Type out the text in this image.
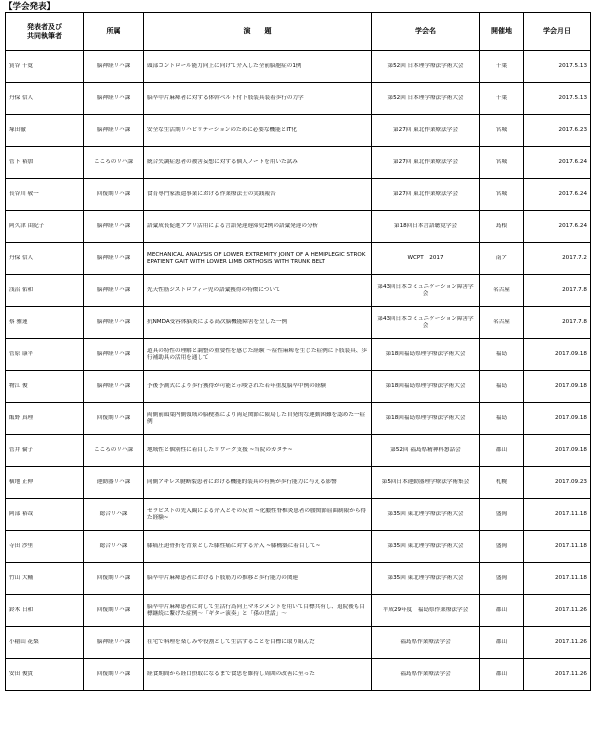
【学会発表】
発表者及び
共同執筆者	所属	演　　題	学会名	開催地	学会月日

賞谷 千寛	脳神経リハ課	頭部コントロール能力向上に向けて介入した全前脳胞症の1例	第52回 日本理学療法学術大会	千葉	2017.5.13

丹保 信人	脳神経リハ課	脳卒中片麻痺者に対する体幹ベルト付下肢装具装着歩行の力学	第52回 日本理学療法学術大会	千葉	2017.5.13

塚田徹	脳神経リハ課	安全な生活期リハビリテーションのために必要な機能とIT化	第27回 東北作業療法学会	宮城	2017.6.23

菅下 裕加	こころのリハ課	統合失調症患者の被害妄想に対する個人ノートを用いた試み	第27回 東北作業療法学会	宮城	2017.6.24

長谷川 敬一	回復期リハ課	食育専門家派遣事業における作業療法士の実践報告	第27回 東北作業療法学会	宮城	2017.6.24

阿久津 由紀子	脳神経リハ課	語彙成長促進アプリ活用による言語発達遅滞児2例の語彙発達の分析	第18回日本言語聴覚学会	島根	2017.6.24

丹保 信人	脳神経リハ課	MECHANICAL ANALYSIS OF LOWER EXTREMITY JOINT OF A HEMIPLEGIC STROKEPATIENT GAIT WITH LOWER LIMB ORTHOSIS WITH TRUNK BELT	WCPT　2017	南ア	2017.7.2

浅沼 佑和	脳神経リハ課	先天性筋ジストロフィー児の語彙獲得の特徴について	第43回日本コミュニケーション障害学会	名古屋	2017.7.8

蔡 雅蓮	脳神経リハ課	抗NMDA受容体脳炎による高次脳機能障害を呈した一例	第43回日本コミュニケーション障害学会	名古屋	2017.7.8

菅原 康平	脳神経リハ課	道具の特性の理解と調整の重要性を感じた経験 ～症性麻痺を生じた症例に下肢装具、歩行補助具の活用を通して	第18回福島県理学療法学術大会	福島	2017.09.18

物江 俊	脳神経リハ課	予後予測式により歩行獲得が可能と示唆された若年重度脳卒中例の経験	第18回福島県理学療法学術大会	福島	2017.09.18

飯野 真理	回復期リハ課	両側前頭葉内側領域の脳梗塞により両足関節に限局した自発的な運動困難を認めた一症例	第18回福島県理学療法学術大会	福島	2017.09.18

菅井 倫子	こころのリハ課	地域性と個別性に着目したリワーク支援 ~当院のカタチ~	第52回 福島県精神科懇話会	郡山	2017.09.18

横地 正伸	運動器リハ課	同側アキレス腱断裂患者における機能的装具の有無が歩行能力に与える影響	第5回日本運動器理学療法学術集会	札幌	2017.09.23

阿部 裕哉	総合リハ課	セラピストの先入観による介入とその反省 ~化膿性脊椎炎患者の腰関節屈曲制限から得た経験~	第35回 東北理学療法学術大会	盛岡	2017.11.18

寺田 沙里	総合リハ課	膝痛圧迫骨折を背景とした膝性痛に対する介入 ~膝構築に着目して~	第35回 東北理学療法学術大会	盛岡	2017.11.18

竹山 大輔	回復期リハ課	脳卒中片麻痺患者における下肢筋力の推移と歩行能力の関連	第35回 東北理学療法学術大会	盛岡	2017.11.18

鈴木 日和	回復期リハ課	脳卒中片麻痺患者に対して生活行為向上マネジメントを用いて目標共有し、退院後も目標継続に繋げた症例～「ギター演奏」と「孫の世話」～	平成29年度　福島県作業療法学会	郡山	2017.11.26

小稲山 花梨	脳神経リハ課	在宅で料理を楽しみや役割として生活することを目標に取り組んだ	福島県作業療法学会	郡山	2017.11.26

安田 俊貴	回復期リハ課	経食期間から経口摂取になるまで食思を維持し周囲の改善に至った	福島県作業療法学会	郡山	2017.11.26
